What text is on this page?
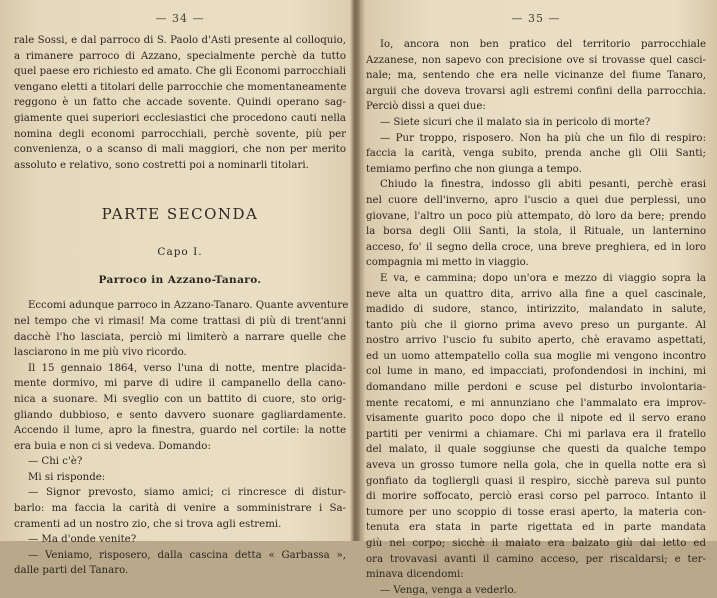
— 34 —
rale Sossi, e dal parroco di S. Paolo d'Asti presente al colloquio,
a rimanere parroco di Azzano, specialmente perchè da tutto
quel paese ero richiesto ed amato. Che gli Economi parrocchiali
vengano eletti a titolari delle parrocchie che momentaneamente
reggono è un fatto che accade sovente. Quindi operano sag-
giamente quei superiori ecclesiastici che procedono cauti nella
nomina degli economi parrocchiali, perchè sovente, più per
convenienza, o a scanso di mali maggiori, che non per merito
assoluto e relativo, sono costretti poi a nominarli titolari.
PARTE SECONDA
Capo I.
Parroco in Azzano-Tanaro.
Eccomi adunque parroco in Azzano-Tanaro. Quante avventure
nel tempo che vi rimasi! Ma come trattasi di più di trent'anni
dacchè l'ho lasciata, perciò mi limiterò a narrare quelle che
lasciarono in me più vivo ricordo.
Il 15 gennaio 1864, verso l'una di notte, mentre placida-
mente dormivo, mi parve di udire il campanello della cano-
nica a suonare. Mi sveglio con un battito di cuore, sto orig-
gliando dubbioso, e sento davvero suonare gagliardamente.
Accendo il lume, apro la finestra, guardo nel cortile: la notte
era buia e non ci si vedeva. Domando:
— Chi c'è?
Mi si risponde:
— Signor prevosto, siamo amici; ci rincresce di distur-
barlo: ma faccia la carità di venire a somministrare i Sa-
cramenti ad un nostro zio, che si trova agli estremi.
— Ma d'onde venite?
— Veniamo, risposero, dalla cascina detta « Garbassa »,
dalle parti del Tanaro.
— 35 —
Io, ancora non ben pratico del territorio parrocchiale
Azzanese, non sapevo con precisione ove si trovasse quel casci-
nale; ma, sentendo che era nelle vicinanze del fiume Tanaro,
arguii che doveva trovarsi agli estremi confini della parrocchia.
Perciò dissi a quei due:
— Siete sicuri che il malato sia in pericolo di morte?
— Pur troppo, risposero. Non ha più che un filo di respiro:
faccia la carità, venga subito, prenda anche gli Olii Santi;
temiamo perfino che non giunga a tempo.
Chiudo la finestra, indosso gli abiti pesanti, perchè erasi
nel cuore dell'inverno, apro l'uscio a quei due perplessi, uno
giovane, l'altro un poco più attempato, dò loro da bere; prendo
la borsa degli Olii Santi, la stola, il Rituale, un lanternino
acceso, fo' il segno della croce, una breve preghiera, ed in loro
compagnia mi metto in viaggio.
E va, e cammina; dopo un'ora e mezzo di viaggio sopra la
neve alta un quattro dita, arrivo alla fine a quel cascinale,
madido di sudore, stanco, intirizzito, malandato in salute,
tanto più che il giorno prima avevo preso un purgante. Al
nostro arrivo l'uscio fu subito aperto, chè eravamo aspettati,
ed un uomo attempatello colla sua moglie mi vengono incontro
col lume in mano, ed impacciati, profondendosi in inchini, mi
domandano mille perdoni e scuse pel disturbo involontaria-
mente recatomi, e mi annunziano che l'ammalato era improv-
visamente guarito poco dopo che il nipote ed il servo erano
partiti per venirmi a chiamare. Chi mi parlava era il fratello
del malato, il quale soggiunse che questi da qualche tempo
aveva un grosso tumore nella gola, che in quella notte era sì
gonfiato da togliergli quasi il respiro, sicchè pareva sul punto
di morire soffocato, perciò erasi corso pel parroco. Intanto il
tumore per uno scoppio di tosse erasi aperto, la materia con-
tenuta era stata in parte rigettata ed in parte mandata
giù nel corpo; sicchè il malato era balzato giù dal letto ed
ora trovavasi avanti il camino acceso, per riscaldarsi; e ter-
minava dicendomi:
— Venga, venga a vederlo.
